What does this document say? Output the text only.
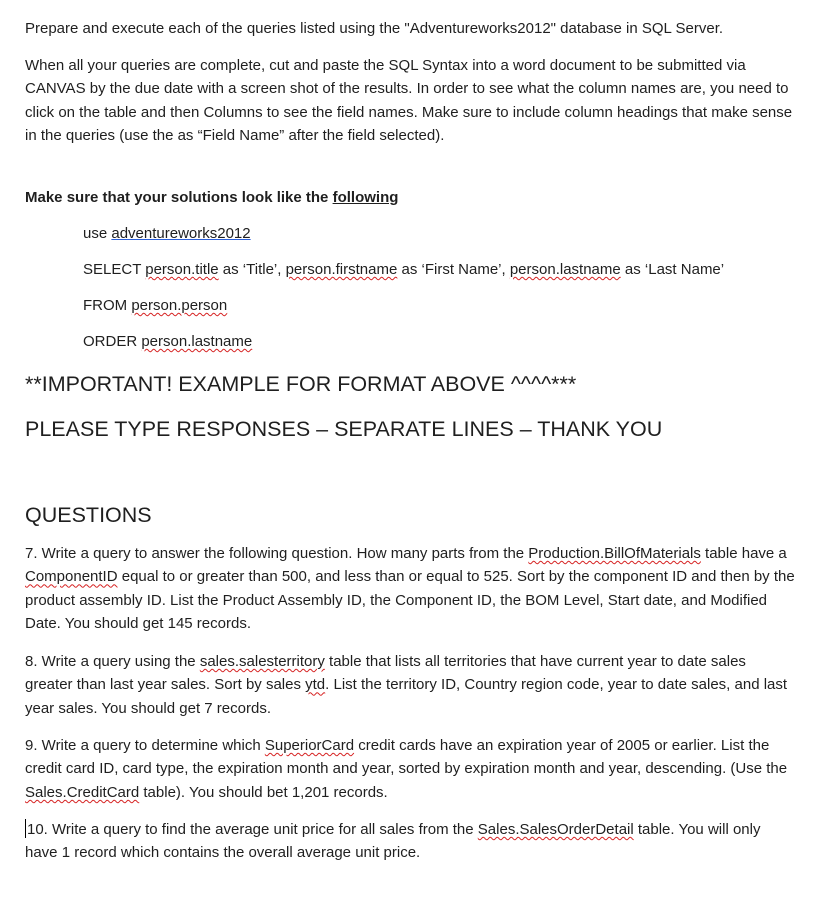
Prepare and execute each of the queries listed using the "Adventureworks2012" database in SQL Server.

When all your queries are complete, cut and paste the SQL Syntax into a word document to be submitted via CANVAS by the due date with a screen shot of the results. In order to see what the column names are, you need to click on the table and then Columns to see the field names. Make sure to include column headings that make sense in the queries (use the as “Field Name” after the field selected).

Make sure that your solutions look like the following

use adventureworks2012
SELECT person.title as ‘Title’, person.firstname as ‘First Name’, person.lastname as ‘Last Name’
FROM person.person
ORDER person.lastname
**IMPORTANT! EXAMPLE FOR FORMAT ABOVE ^^^^***
PLEASE TYPE RESPONSES – SEPARATE LINES – THANK YOU
QUESTIONS

7. Write a query to answer the following question. How many parts from the Production.BillOfMaterials table have a ComponentID equal to or greater than 500, and less than or equal to 525. Sort by the component ID and then by the product assembly ID. List the Product Assembly ID, the Component ID, the BOM Level, Start date, and Modified Date. You should get 145 records.

8. Write a query using the sales.salesterritory table that lists all territories that have current year to date sales greater than last year sales. Sort by sales ytd. List the territory ID, Country region code, year to date sales, and last year sales. You should get 7 records.

9. Write a query to determine which SuperiorCard credit cards have an expiration year of 2005 or earlier. List the credit card ID, card type, the expiration month and year, sorted by expiration month and year, descending. (Use the Sales.CreditCard table). You should bet 1,201 records.

10. Write a query to find the average unit price for all sales from the Sales.SalesOrderDetail table. You will only have 1 record which contains the overall average unit price.
